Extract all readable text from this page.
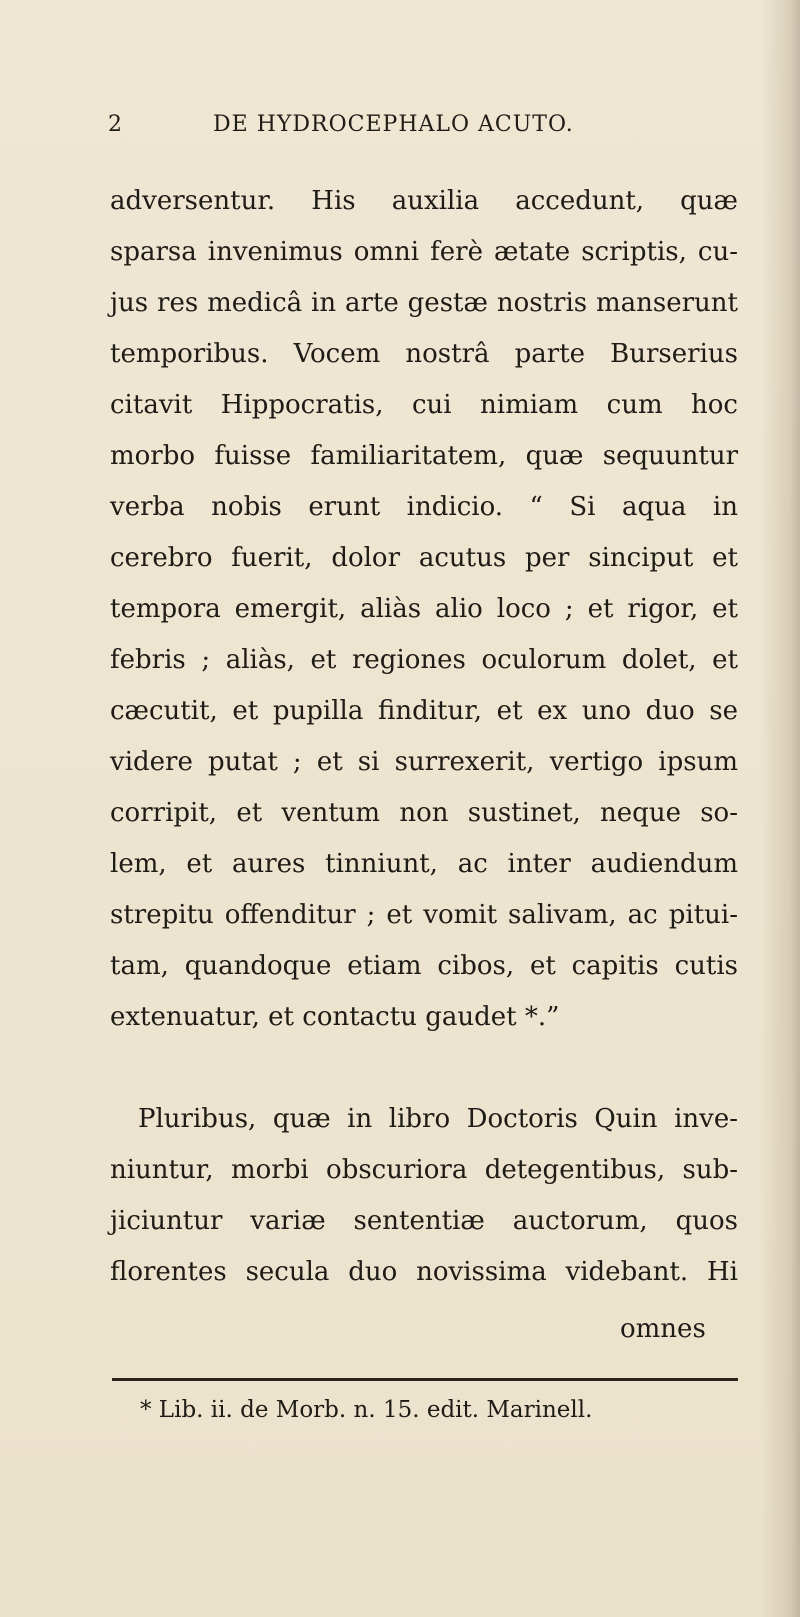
2	DE HYDROCEPHALO ACUTO.
adversentur. His auxilia accedunt, quæ
sparsa invenimus omni ferè ætate scriptis, cu-
jus res medicâ in arte gestæ nostris manserunt
temporibus. Vocem nostrâ parte Burserius
citavit Hippocratis, cui nimiam cum hoc
morbo fuisse familiaritatem, quæ sequuntur
verba nobis erunt indicio. “ Si aqua in
cerebro fuerit, dolor acutus per sinciput et
tempora emergit, aliàs alio loco ; et rigor, et
febris ; aliàs, et regiones oculorum dolet, et
cæcutit, et pupilla finditur, et ex uno duo se
videre putat ; et si surrexerit, vertigo ipsum
corripit, et ventum non sustinet, neque so-
lem, et aures tinniunt, ac inter audiendum
strepitu offenditur ; et vomit salivam, ac pitui-
tam, quandoque etiam cibos, et capitis cutis
extenuatur, et contactu gaudet *.”
Pluribus, quæ in libro Doctoris Quin inve-
niuntur, morbi obscuriora detegentibus, sub-
jiciuntur variæ sententiæ auctorum, quos
florentes secula duo novissima videbant. Hi
omnes
* Lib. ii. de Morb. n. 15. edit. Marinell.
